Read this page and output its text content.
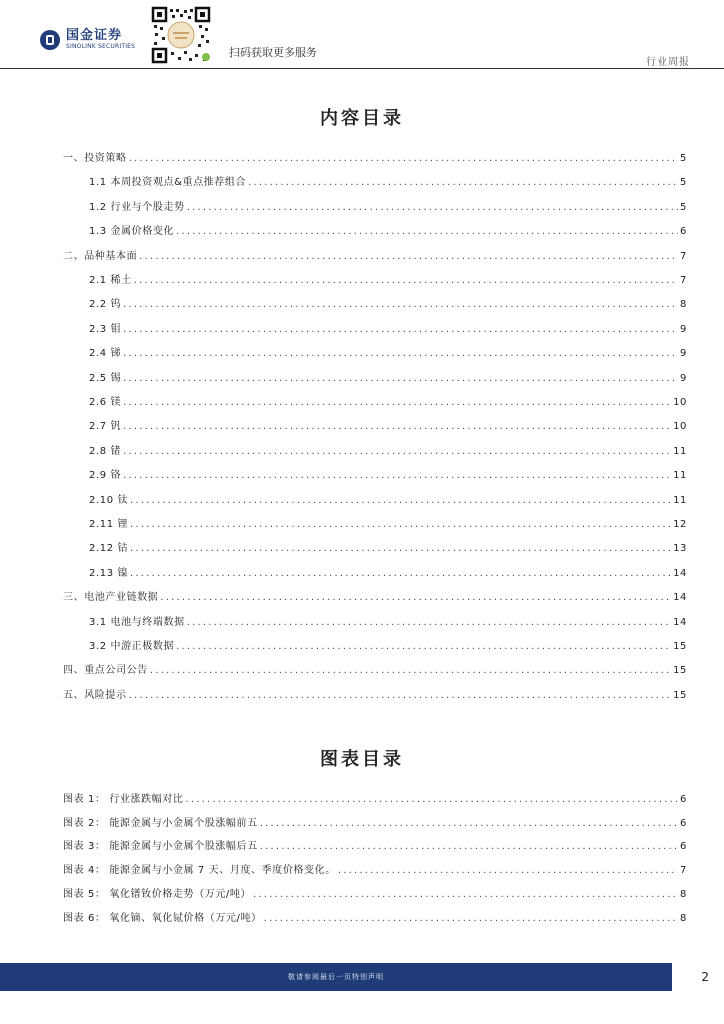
国金证券
SINOLINK SECURITIES	扫码获取更多服务
行业周报
内容目录
一、投资策略 .....	5
1.1 本周投资观点&重点推荐组合 .....	5
1.2 行业与个股走势 .....	5
1.3 金属价格变化 .....	6
二、品种基本面 .....	7
2.1 稀土 .....	7
2.2 钨 .....	8
2.3 钼 .....	9
2.4 锑 .....	9
2.5 锡 .....	9
2.6 镁 .....	10
2.7 钒 .....	10
2.8 锗 .....	11
2.9 铬 .....	11
2.10 钛 .....	11
2.11 锂 .....	12
2.12 钴 .....	13
2.13 镍 .....	14
三、电池产业链数据 .....	14
3.1 电池与终端数据 .....	14
3.2 中游正极数据 .....	15
四、重点公司公告 .....	15
五、风险提示 .....	15
图表目录
图表 1： 行业涨跌幅对比 .....	6
图表 2： 能源金属与小金属个股涨幅前五 .....	6
图表 3： 能源金属与小金属个股涨幅后五 .....	6
图表 4： 能源金属与小金属 7 天、月度、季度价格变化。 .....	7
图表 5： 氧化镨钕价格走势（万元/吨） .....	8
图表 6： 氧化镝、氧化铽价格（万元/吨） .....	8
敬请参阅最后一页特别声明	2
